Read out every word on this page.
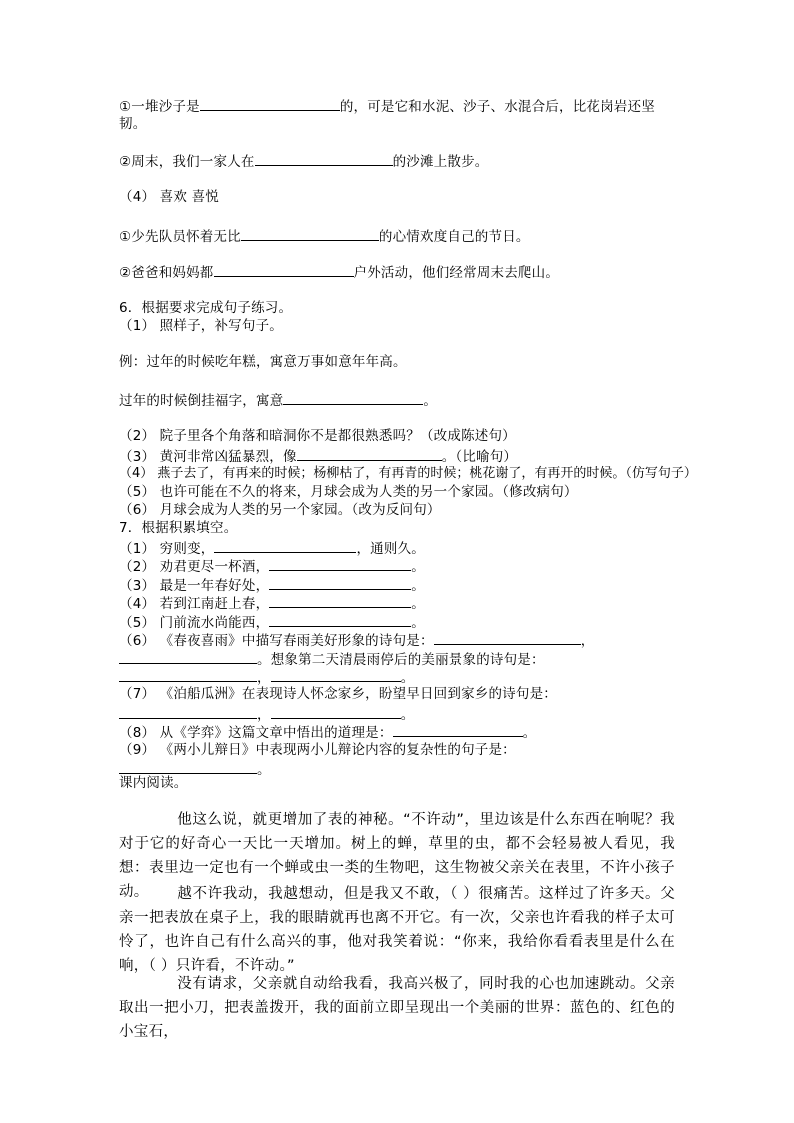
①一堆沙子是	的，可是它和水泥、沙子、水混合后，比花岗岩还坚
韧。
②周末，我们一家人在	的沙滩上散步。
（4） 喜欢 喜悦
①少先队员怀着无比	的心情欢度自己的节日。
②爸爸和妈妈都	户外活动，他们经常周末去爬山。
6．根据要求完成句子练习。
（1） 照样子，补写句子。
例：过年的时候吃年糕，寓意万事如意年年高。
过年的时候倒挂福字，寓意	。
（2） 院子里各个角落和暗洞你不是都很熟悉吗？（改成陈述句）
（3） 黄河非常凶猛暴烈，像	。（比喻句）
（4） 燕子去了，有再来的时候；杨柳枯了，有再青的时候；桃花谢了，有再开的时候。（仿写句子）
（5） 也许可能在不久的将来，月球会成为人类的另一个家园。（修改病句）
（6） 月球会成为人类的另一个家园。（改为反问句）
7．根据积累填空。
（1） 穷则变，	，通则久。
（2） 劝君更尽一杯酒，	。
（3） 最是一年春好处，	。
（4） 若到江南赶上春，	。
（5） 门前流水尚能西，	。
（6） 《春夜喜雨》中描写春雨美好形象的诗句是：	，
。想象第二天清晨雨停后的美丽景象的诗句是：
，	。
（7） 《泊船瓜洲》在表现诗人怀念家乡，盼望早日回到家乡的诗句是：
，	。
（8） 从《学弈》这篇文章中悟出的道理是：	。
（9） 《两小儿辩日》中表现两小儿辩论内容的复杂性的句子是：
。
课内阅读。
他这么说，就更增加了表的神秘。“不许动”，里边该是什么东西在响呢？我对于它的好奇心一天比一天增加。树上的蝉，草里的虫，都不会轻易被人看见，我想：表里边一定也有一个蝉或虫一类的生物吧，这生物被父亲关在表里，不许小孩子动。	越不许我动，我越想动，但是我又不敢，（ ）很痛苦。这样过了许多天。父亲一把表放在桌子上，我的眼睛就再也离不开它。有一次，父亲也许看我的样子太可怜了，也许自己有什么高兴的事，他对我笑着说：“你来，我给你看看表里是什么在响，（ ）只许看，不许动。”
没有请求，父亲就自动给我看，我高兴极了，同时我的心也加速跳动。父亲取出一把小刀，把表盖拨开，我的面前立即呈现出一个美丽的世界：蓝色的、红色的小宝石，
